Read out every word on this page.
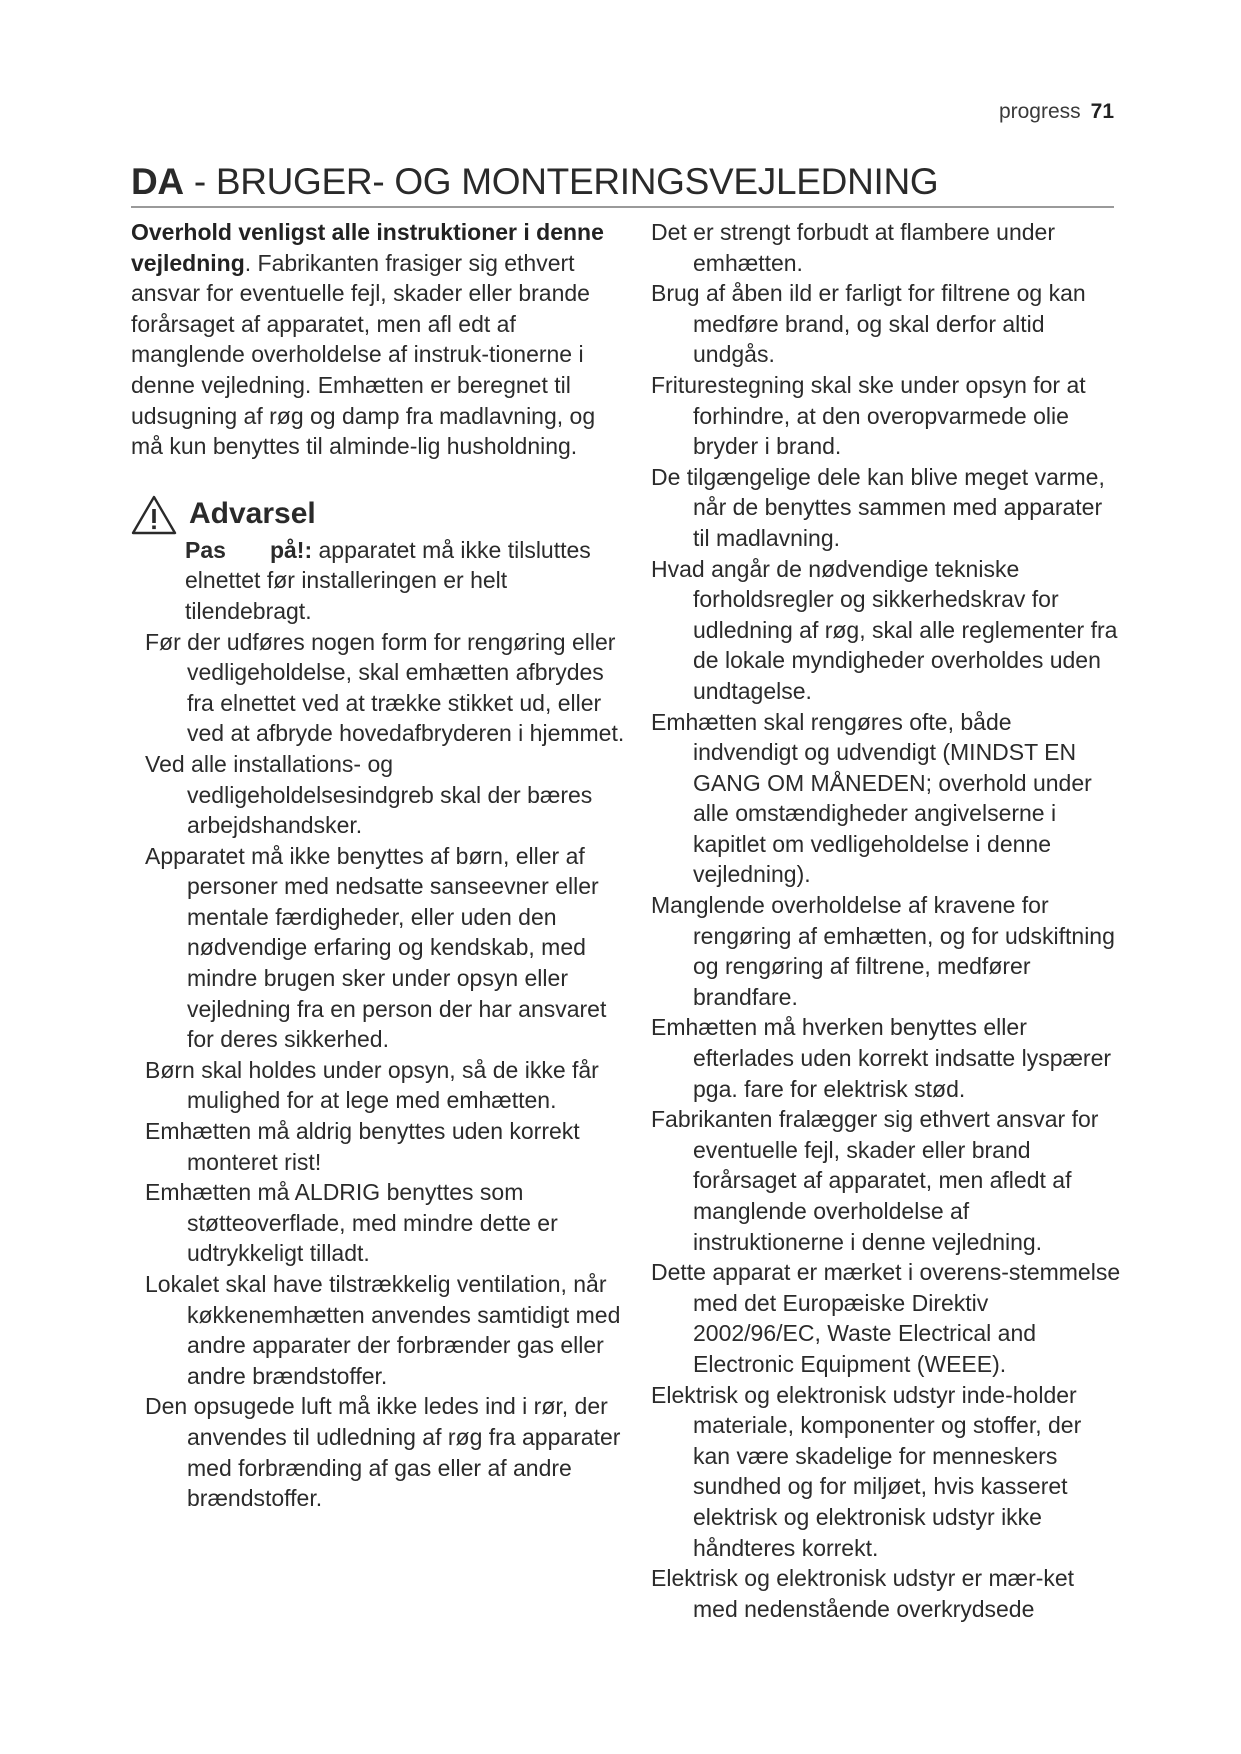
progress 71
DA - BRUGER- OG MONTERINGSVEJLEDNING

Overhold venligst alle instruktioner i denne vejledning. Fabrikanten frasiger sig ethvert ansvar for eventuelle fejl, skader eller brande forårsaget af apparatet, men afl edt af manglende overholdelse af instruk-tionerne i denne vejledning. Emhætten er beregnet til udsugning af røg og damp fra madlavning, og må kun benyttes til alminde-lig husholdning.

Advarsel

Pas på!: apparatet må ikke tilsluttes elnettet før installeringen er helt tilendebragt.

Før der udføres nogen form for rengøring eller vedligeholdelse, skal emhætten afbrydes fra elnettet ved at trække stikket ud, eller ved at afbryde hovedafbryderen i hjemmet.

Ved alle installations- og vedligeholdelsesindgreb skal der bæres arbejdshandsker.

Apparatet må ikke benyttes af børn, eller af personer med nedsatte sanseevner eller mentale færdigheder, eller uden den nødvendige erfaring og kendskab, med mindre brugen sker under opsyn eller vejledning fra en person der har ansvaret for deres sikkerhed.

Børn skal holdes under opsyn, så de ikke får mulighed for at lege med emhætten.

Emhætten må aldrig benyttes uden korrekt monteret rist!

Emhætten må ALDRIG benyttes som støtteoverflade, med mindre dette er udtrykkeligt tilladt.

Lokalet skal have tilstrækkelig ventilation, når køkkenemhætten anvendes samtidigt med andre apparater der forbrænder gas eller andre brændstoffer.

Den opsugede luft må ikke ledes ind i rør, der anvendes til udledning af røg fra apparater med forbrænding af gas eller af andre brændstoffer.

Det er strengt forbudt at flambere under emhætten.

Brug af åben ild er farligt for filtrene og kan medføre brand, og skal derfor altid undgås.

Friturestegning skal ske under opsyn for at forhindre, at den overopvarmede olie bryder i brand.

De tilgængelige dele kan blive meget varme, når de benyttes sammen med apparater til madlavning.

Hvad angår de nødvendige tekniske forholdsregler og sikkerhedskrav for udledning af røg, skal alle reglementer fra de lokale myndigheder overholdes uden undtagelse.

Emhætten skal rengøres ofte, både indvendigt og udvendigt (MINDST EN GANG OM MÅNEDEN; overhold under alle omstændigheder angivelserne i kapitlet om vedligeholdelse i denne vejledning).

Manglende overholdelse af kravene for rengøring af emhætten, og for udskiftning og rengøring af filtrene, medfører brandfare.

Emhætten må hverken benyttes eller efterlades uden korrekt indsatte lyspærer pga. fare for elektrisk stød.

Fabrikanten fralægger sig ethvert ansvar for eventuelle fejl, skader eller brand forårsaget af apparatet, men afledt af manglende overholdelse af instruktionerne i denne vejledning.

Dette apparat er mærket i overens-stemmelse med det Europæiske Direktiv 2002/96/EC, Waste Electrical and Electronic Equipment (WEEE).

Elektrisk og elektronisk udstyr inde-holder materiale, komponenter og stoffer, der kan være skadelige for menneskers sundhed og for miljøet, hvis kasseret elektrisk og elektronisk udstyr ikke håndteres korrekt.

Elektrisk og elektronisk udstyr er mær-ket med nedenstående overkrydsede
